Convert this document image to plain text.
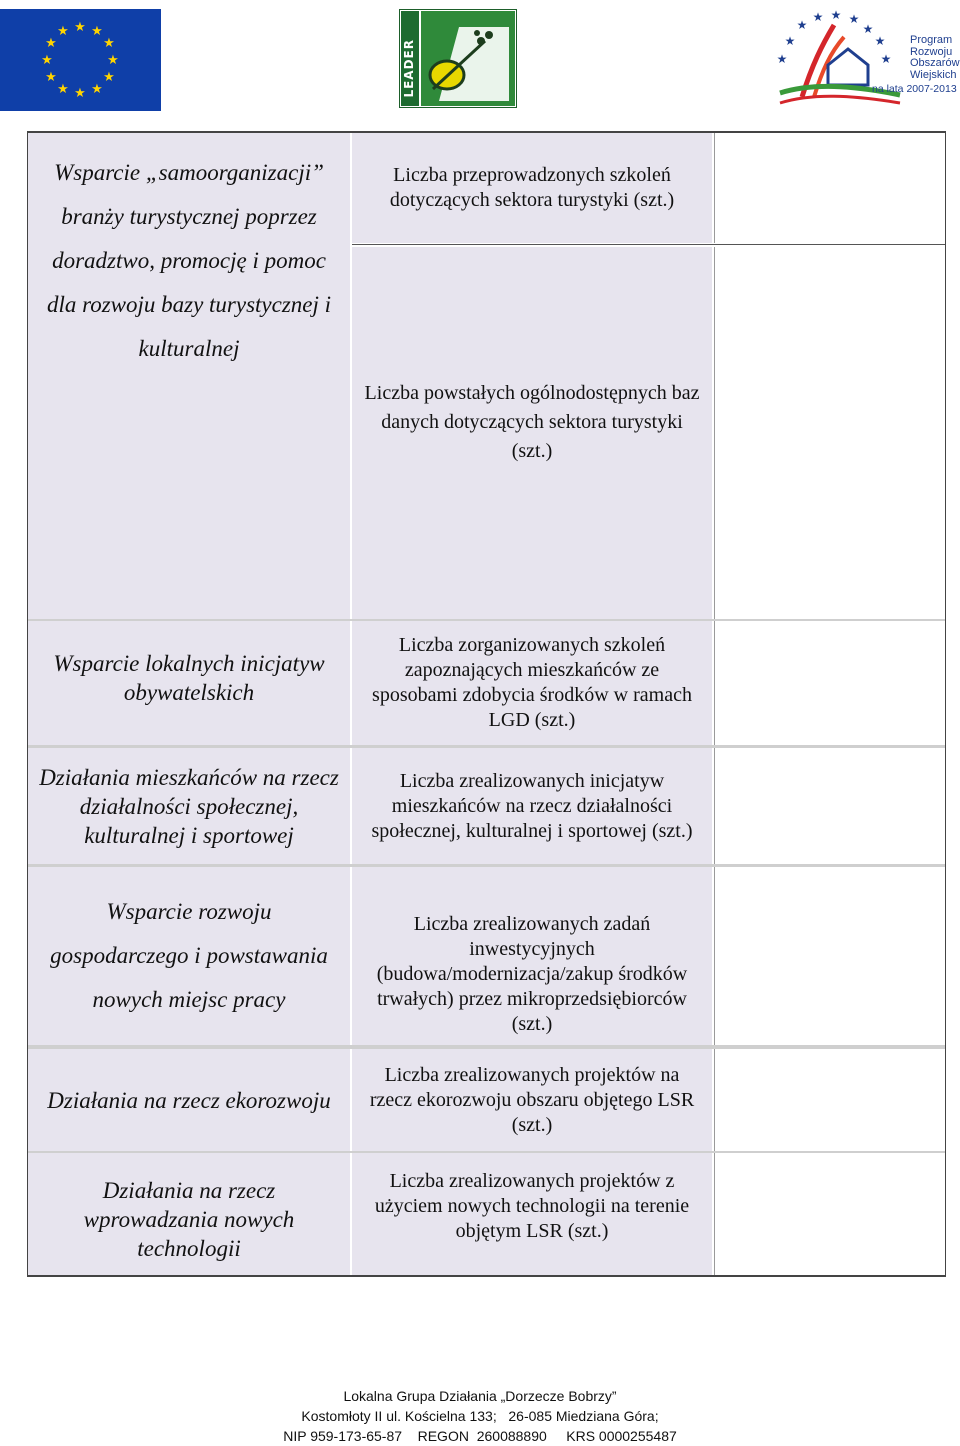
★ ★
★
★
★
★
★
★
★
★
★
★
LEADER	★
★
★ ★ ★
★
★
★	★
Program
Rozwoju
Obszarów
Wiejskich
na lata 2007-2013
Wsparcie „samoorganizacji” branży turystycznej poprzez doradztwo, promocję i pomoc dla rozwoju bazy turystycznej i kulturalnej
Liczba przeprowadzonych szkoleń dotyczących sektora turystyki (szt.)
Liczba powstałych ogólnodostępnych baz danych dotyczących sektora turystyki (szt.)
Wsparcie lokalnych inicjatyw obywatelskich
Liczba zorganizowanych szkoleń zapoznających mieszkańców ze sposobami zdobycia środków w ramach LGD (szt.)
Działania mieszkańców na rzecz działalności społecznej, kulturalnej i sportowej
Liczba zrealizowanych inicjatyw mieszkańców na rzecz działalności społecznej, kulturalnej i sportowej (szt.)
Wsparcie rozwoju gospodarczego i powstawania nowych miejsc pracy
Liczba zrealizowanych zadań inwestycyjnych (budowa/modernizacja/zakup środków trwałych) przez mikroprzedsiębiorców (szt.)
Działania na rzecz ekorozwoju
Liczba zrealizowanych projektów na rzecz ekorozwoju obszaru objętego LSR (szt.)
Działania na rzecz wprowadzania nowych technologii
Liczba zrealizowanych projektów z użyciem nowych technologii na terenie objętym LSR (szt.)
Lokalna Grupa Działania „Dorzecze Bobrzy”
Kostomłoty II ul. Kościelna 133;   26-085 Miedziana Góra;
NIP 959-173-65-87    REGON  260088890     KRS 0000255487
